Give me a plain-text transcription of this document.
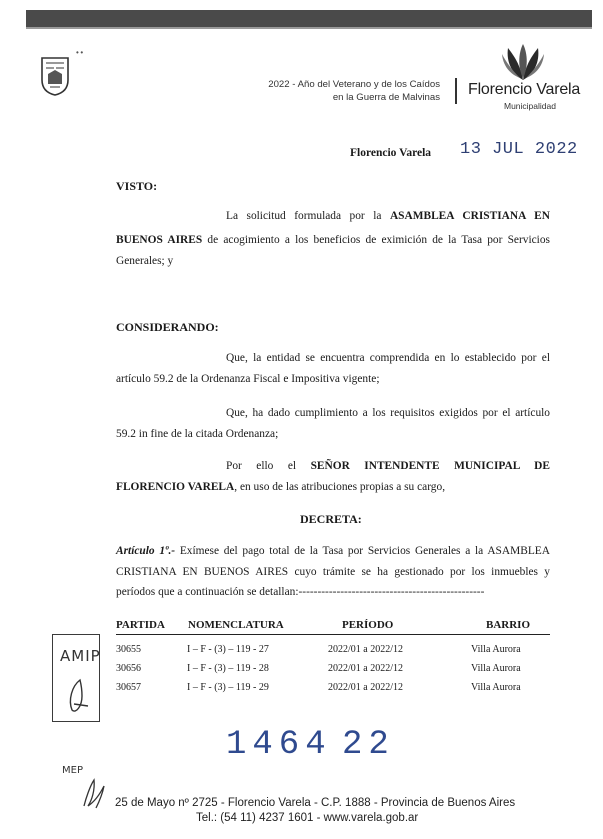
• •
2022 - Año del Veterano y de los Caídos
en la Guerra de Malvinas Florencio Varela
Municipalidad
Florencio Varela 13 JUL 2022
VISTO:
La solicitud formulada por la ASAMBLEA CRISTIANA EN
BUENOS AIRES de acogimiento a los beneficios de eximición de la Tasa por Servicios
Generales; y
CONSIDERANDO:
Que, la entidad se encuentra comprendida en lo establecido por el
artículo 59.2 de la Ordenanza Fiscal e Impositiva vigente;
Que, ha dado cumplimiento a los requisitos exigidos por el artículo
59.2 in fine de la citada Ordenanza;
Por ello el SEÑOR INTENDENTE MUNICIPAL DE
FLORENCIO VARELA, en uso de las atribuciones propias a su cargo,
DECRETA:
Artículo 1º.- Exímese del pago total de la Tasa por Servicios Generales a la ASAMBLEA
CRISTIANA EN BUENOS AIRES cuyo trámite se ha gestionado por los inmuebles y
períodos que a continuación se detallan:-------------------------------------------------
PARTIDA NOMENCLATURA	PERÍODO	BARRIO
30655	I – F - (3) – 119 - 27	2022/01 a 2022/12	Villa Aurora
30656	I – F - (3) – 119 - 28	2022/01 a 2022/12	Villa Aurora
30657	I – F - (3) – 119 - 29	2022/01 a 2022/12	Villa Aurora
AMIP
1464 22
MEP
25 de Mayo nº 2725 - Florencio Varela - C.P. 1888 - Provincia de Buenos Aires
Tel.: (54 11) 4237 1601 - www.varela.gob.ar
